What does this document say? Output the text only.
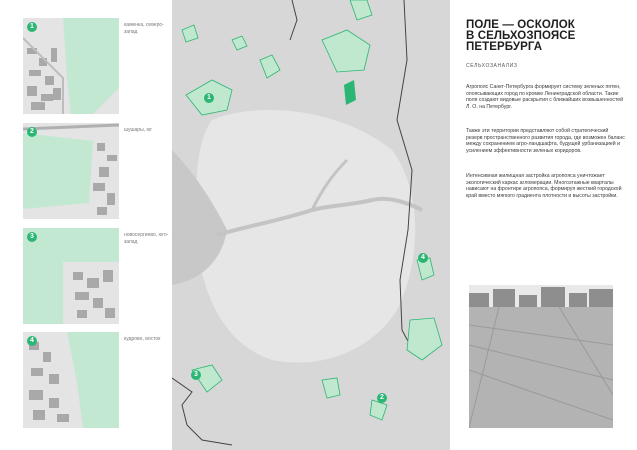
1	каменка, северо-запад
2	шушары, юг
3	новосергиево, юго-запад
4	кудрово, восток
1
2
3
4
ПОЛЕ — ОСКОЛОК
В СЕЛЬХОЗПОЯСЕ
ПЕТЕРБУРГА
СЕЛЬХОЗАНАЛИЗ
Агропояс Санкт-Петербурга формирует систему зеленых пятен, опоясывающих город по кромке Ленинградской области. Такие поля создают видовые раскрытия с ближайших возвышенностей Л. О. на Петербург.
Также эти территории представляют собой стратегический резерв пространственного развития города, где возможен баланс между сохранением агро-ландшафта, будущей урбанизацией и усилением эффективности зеленых коридоров.
Интенсивная жилищная застройка агропояса уничтожает экологический каркас агломерации. Многоэтажные кварталы нависают на фронтире агропояса, формируя жесткий городской край вместо мягкого градиента плотности и высоты застройки.
